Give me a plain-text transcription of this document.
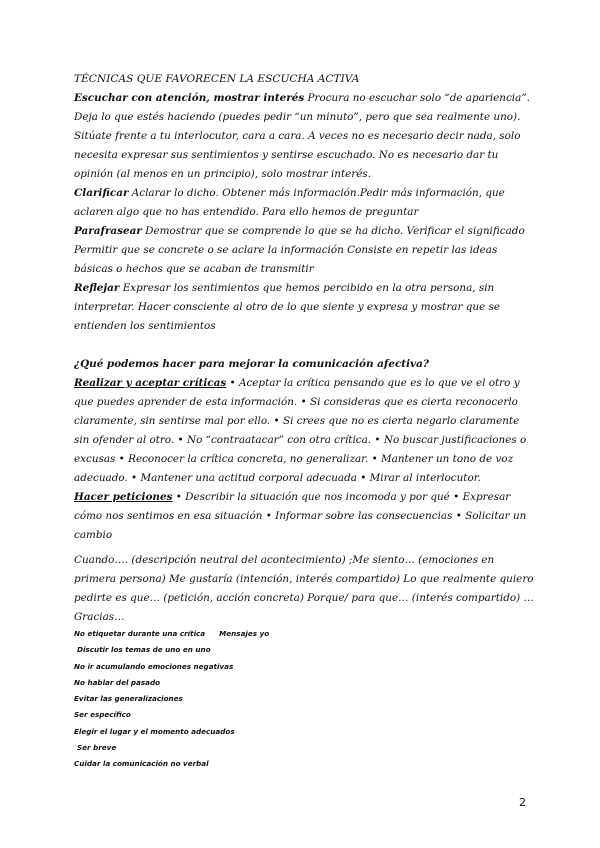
TÉCNICAS QUE FAVORECEN LA ESCUCHA ACTIVA

Escuchar con atención, mostrar interés Procura no escuchar solo “de apariencia”. Deja lo que estés haciendo (puedes pedir “un minuto”, pero que sea realmente uno). Sitúate frente a tu interlocutor, cara a cara. A veces no es necesario decir nada, solo necesita expresar sus sentimientos y sentirse escuchado. No es necesario dar tu opinión (al menos en un principio), solo mostrar interés.

Clarificar Aclarar lo dicho. Obtener más información.Pedir más información, que aclaren algo que no has entendido. Para ello hemos de preguntar

Parafrasear Demostrar que se comprende lo que se ha dicho. Verificar el significado Permitir que se concrete o se aclare la información Consiste en repetir las ideas básicas o hechos que se acaban de transmitir

Reflejar Expresar los sentimientos que hemos percibido en la otra persona, sin interpretar. Hacer consciente al otro de lo que siente y expresa y mostrar que se entienden los sentimientos

¿Qué podemos hacer para mejorar la comunicación afectiva?

Realizar y aceptar críticas • Aceptar la crítica pensando que es lo que ve el otro y que puedes aprender de esta información. • Si consideras que es cierta reconocerlo claramente, sin sentirse mal por ello. • Si crees que no es cierta negarlo claramente sin ofender al otro. • No “contraatacar” con otra crítica. • No buscar justificaciones o excusas • Reconocer la crítica concreta, no generalizar. • Mantener un tono de voz adecuado. • Mantener una actitud corporal adecuada • Mirar al interlocutor.

Hacer peticiones • Describir la situación que nos incomoda y por qué • Expresar cómo nos sentimos en esa situación • Informar sobre las consecuencias • Solicitar un cambio

Cuando…. (descripción neutral del acontecimiento) ;Me siento… (emociones en primera persona) Me gustaría (intención, interés compartido) Lo que realmente quiero pedirte es que… (petición, acción concreta) Porque/ para que… (interés compartido) … Gracias…

No etiquetar durante una crítica Mensajes yo
Discutir los temas de uno en uno
No ir acumulando emociones negativas
No hablar del pasado
Evitar las generalizaciones
Ser específico
Elegir el lugar y el momento adecuados
Ser breve
Cuidar la comunicación no verbal
2
